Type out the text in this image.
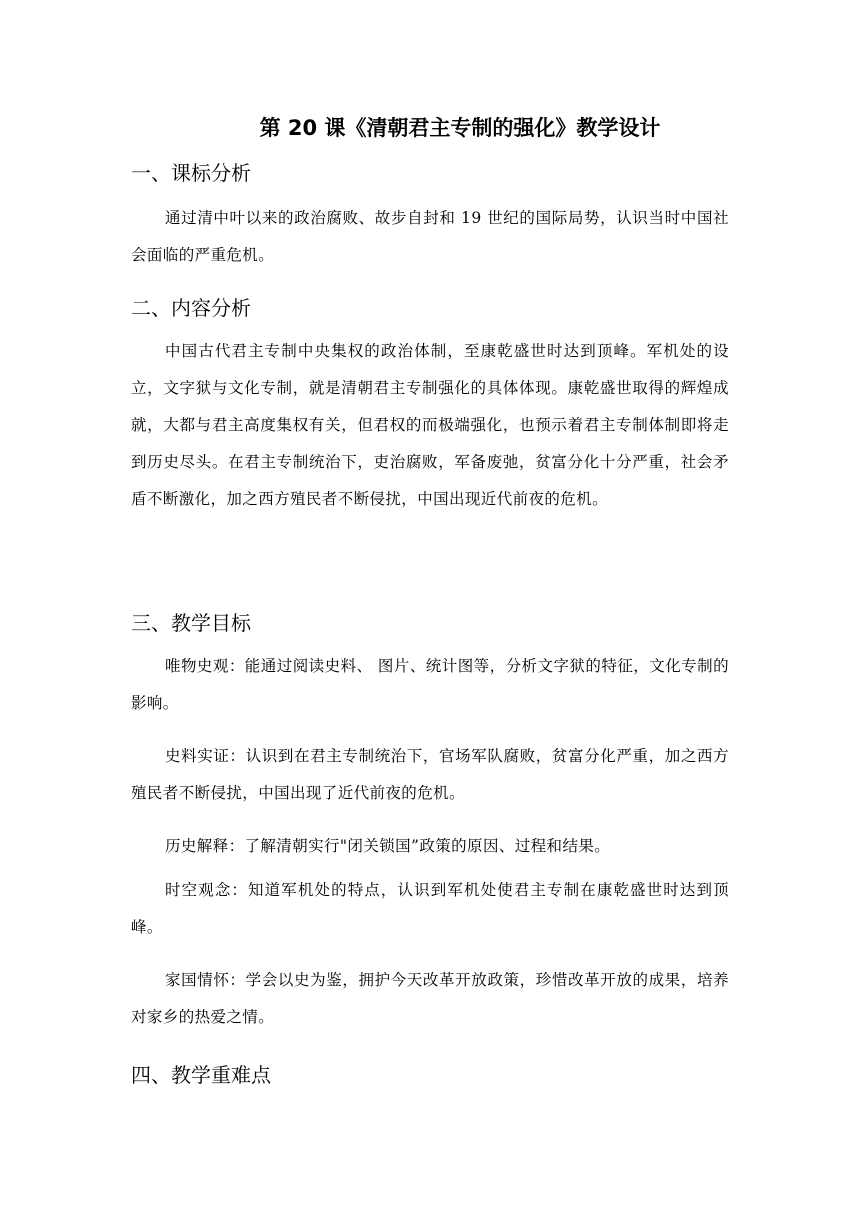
第 20 课《清朝君主专制的强化》教学设计
一、课标分析

通过清中叶以来的政治腐败、故步自封和 19 世纪的国际局势，认识当时中国社会面临的严重危机。

二、内容分析

中国古代君主专制中央集权的政治体制，至康乾盛世时达到顶峰。军机处的设立，文字狱与文化专制，就是清朝君主专制强化的具体体现。康乾盛世取得的辉煌成就，大都与君主高度集权有关，但君权的而极端强化，也预示着君主专制体制即将走到历史尽头。在君主专制统治下，吏治腐败，军备废弛，贫富分化十分严重，社会矛盾不断激化，加之西方殖民者不断侵扰，中国出现近代前夜的危机。

三、教学目标

唯物史观：能通过阅读史料、 图片、统计图等，分析文字狱的特征，文化专制的影响。

史料实证：认识到在君主专制统治下，官场军队腐败，贫富分化严重，加之西方殖民者不断侵扰，中国出现了近代前夜的危机。

历史解释：了解清朝实行"闭关锁国”政策的原因、过程和结果。

时空观念：知道军机处的特点，认识到军机处使君主专制在康乾盛世时达到顶峰。

家国情怀：学会以史为鉴，拥护今天改革开放政策，珍惜改革开放的成果，培养对家乡的热爱之情。

四、教学重难点
